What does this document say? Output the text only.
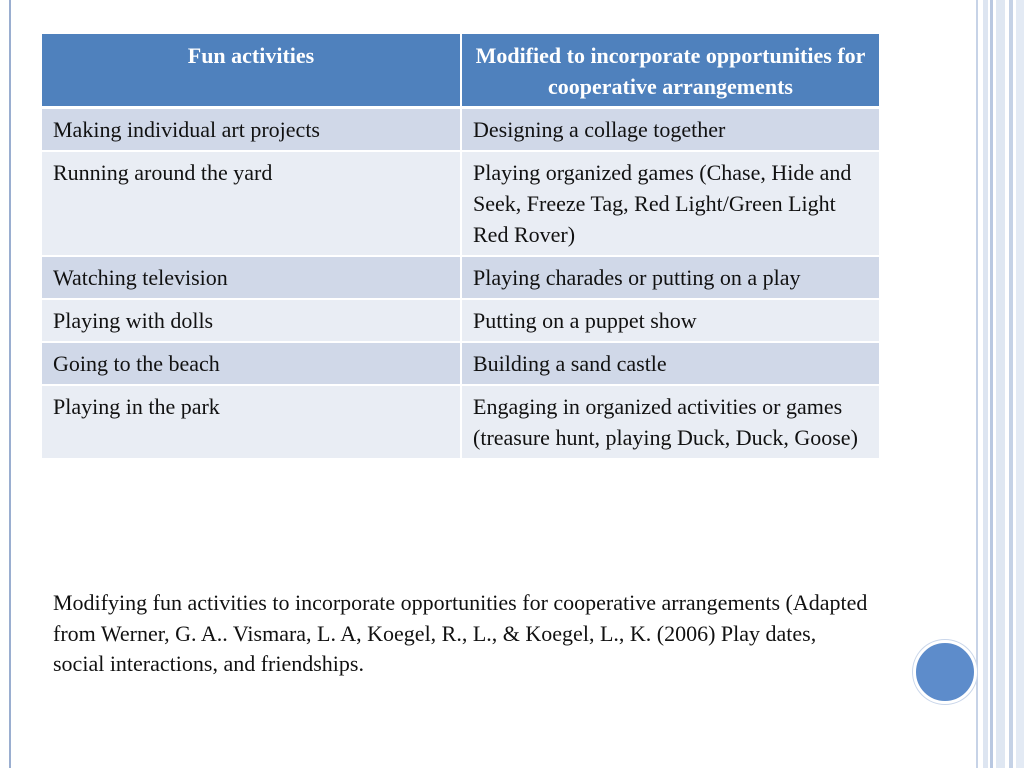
Fun activities	Modified to incorporate opportunities for cooperative arrangements
Making individual art projects	Designing a collage together
Running around the yard	Playing organized games (Chase, Hide and Seek, Freeze Tag, Red Light/Green Light Red Rover)
Watching television	Playing charades or putting on a play
Playing with dolls	Putting on a puppet show
Going to the beach	Building a sand castle
Playing in the park	Engaging in organized activities or games (treasure hunt, playing Duck, Duck, Goose)

Modifying fun activities to incorporate opportunities for cooperative arrangements (Adapted from Werner, G. A.. Vismara, L. A, Koegel, R., L., & Koegel, L., K. (2006) Play dates, social interactions, and friendships.
